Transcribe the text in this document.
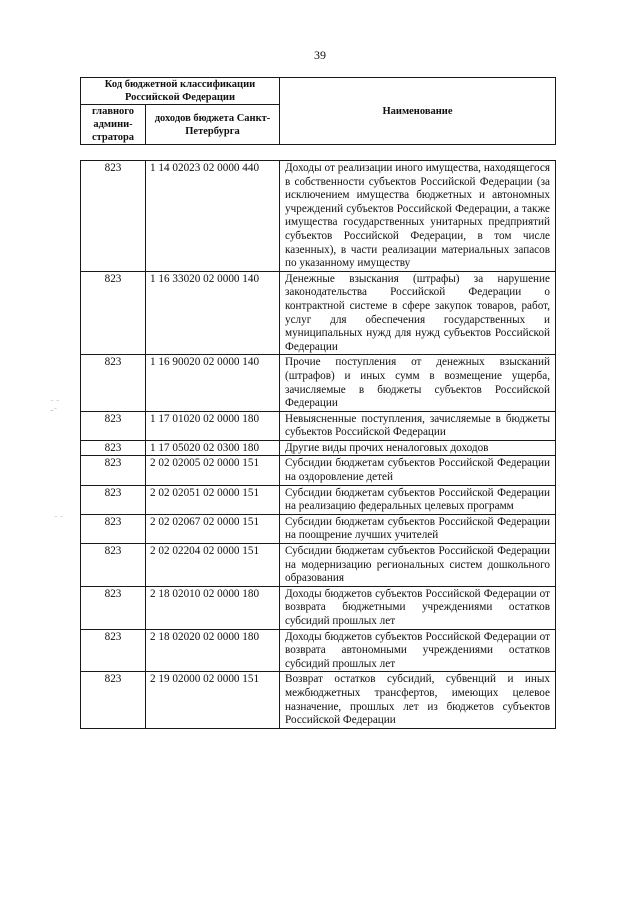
39
Код бюджетной классификации Российской Федерации		Наименование
главного админи-стратора	доходов бюджета Санкт-Петербурга	
823	1 14 02023 02 0000 440	Доходы от реализации иного имущества, находящегося в собственности субъектов Российской Федерации (за исключением имущества бюджетных и автономных учреждений субъектов Российской Федерации, а также имущества государственных унитарных предприятий субъектов Российской Федерации, в том числе казенных), в части реализации материальных запасов по указанному имуществу
823	1 16 33020 02 0000 140	Денежные взыскания (штрафы) за нарушение законодательства Российской Федерации о контрактной системе в сфере закупок товаров, работ, услуг для обеспечения государственных и муниципальных нужд для нужд субъектов Российской Федерации
823	1 16 90020 02 0000 140	Прочие поступления от денежных взысканий (штрафов) и иных сумм в возмещение ущерба, зачисляемые в бюджеты субъектов Российской Федерации
823	1 17 01020 02 0000 180	Невыясненные поступления, зачисляемые в бюджеты субъектов Российской Федерации
823	1 17 05020 02 0300 180	Другие виды прочих неналоговых доходов
823	2 02 02005 02 0000 151	Субсидии бюджетам субъектов Российской Федерации на оздоровление детей
823	2 02 02051 02 0000 151	Субсидии бюджетам субъектов Российской Федерации на реализацию федеральных целевых программ
823	2 02 02067 02 0000 151	Субсидии бюджетам субъектов Российской Федерации на поощрение лучших учителей
823	2 02 02204 02 0000 151	Субсидии бюджетам субъектов Российской Федерации на модернизацию региональных систем дошкольного образования
823	2 18 02010 02 0000 180	Доходы бюджетов субъектов Российской Федерации от возврата бюджетными учреждениями остатков субсидий прошлых лет
823	2 18 02020 02 0000 180	Доходы бюджетов субъектов Российской Федерации от возврата автономными учреждениями остатков субсидий прошлых лет
823	2 19 02000 02 0000 151	Возврат остатков субсидий, субвенций и иных межбюджетных трансфертов, имеющих целевое назначение, прошлых лет из бюджетов субъектов Российской Федерации
⁻ ⁻
–⁻
⁻ ⁻
